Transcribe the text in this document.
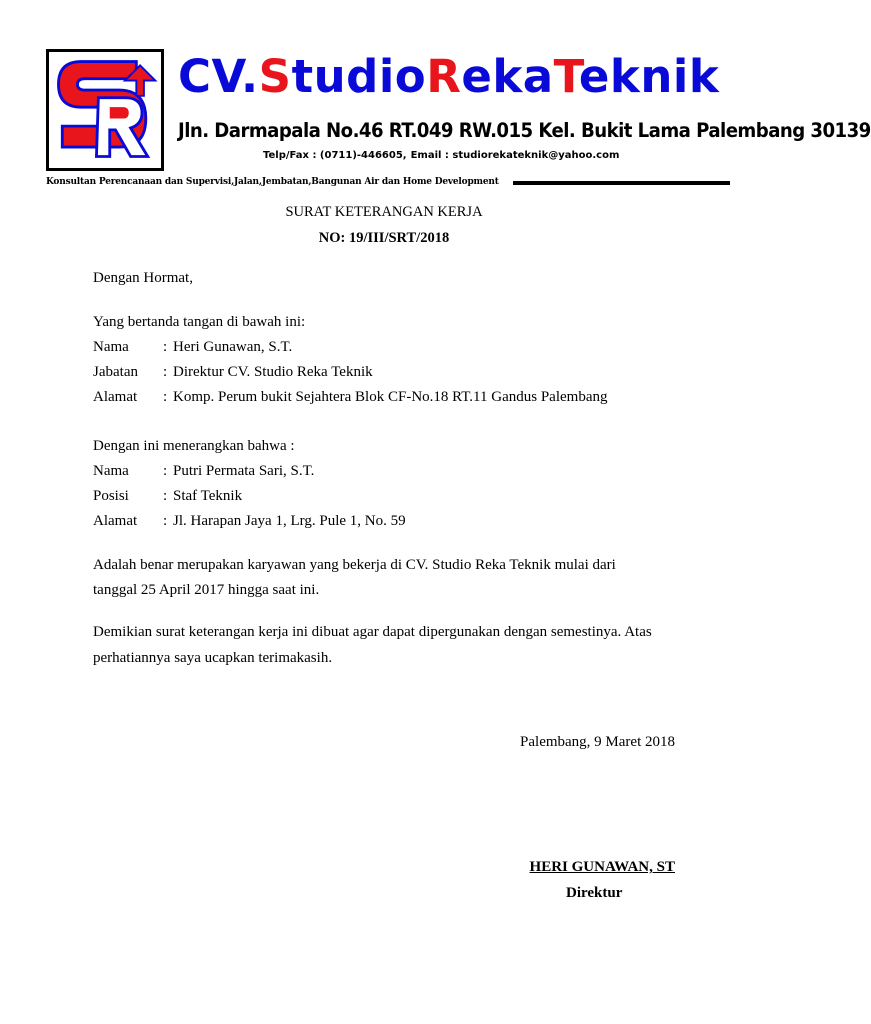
CV.StudioRekaTeknik

Jln. Darmapala No.46 RT.049 RW.015 Kel. Bukit Lama Palembang 30139

Telp/Fax : (0711)-446605, Email : studiorekateknik@yahoo.com

Konsultan Perencanaan dan Supervisi,Jalan,Jembatan,Bangunan Air dan Home Development

SURAT KETERANGAN KERJA

NO: 19/III/SRT/2018

Dengan Hormat,

Yang bertanda tangan di bawah ini:

Nama	: Heri Gunawan, S.T.

Jabatan	: Direktur CV. Studio Reka Teknik

Alamat	: Komp. Perum bukit Sejahtera Blok CF-No.18 RT.11 Gandus Palembang

Dengan ini menerangkan bahwa :

Nama	: Putri Permata Sari, S.T.

Posisi	: Staf Teknik

Alamat	: Jl. Harapan Jaya 1, Lrg. Pule 1, No. 59

Adalah benar merupakan karyawan yang bekerja di CV. Studio Reka Teknik mulai dari

tanggal 25 April 2017 hingga saat ini.

Demikian surat keterangan kerja ini dibuat agar dapat dipergunakan dengan semestinya. Atas

perhatiannya saya ucapkan terimakasih.

Palembang, 9 Maret 2018

HERI GUNAWAN, ST

Direktur
